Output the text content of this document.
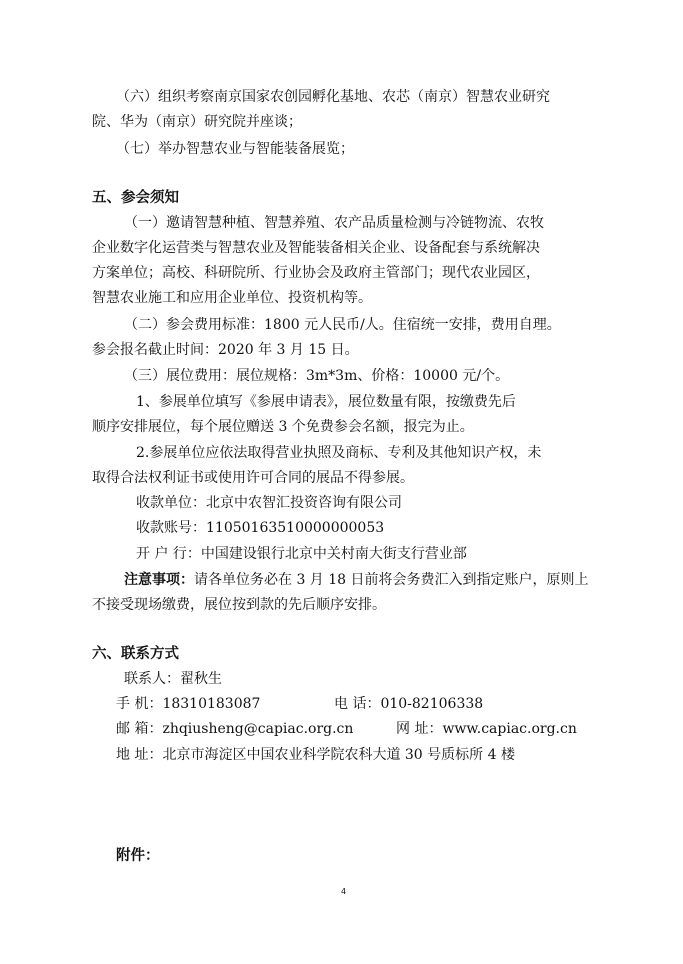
（六）组织考察南京国家农创园孵化基地、农芯（南京）智慧农业研究
院、华为（南京）研究院并座谈；
（七）举办智慧农业与智能装备展览；
五、参会须知
（一）邀请智慧种植、智慧养殖、农产品质量检测与冷链物流、农牧
企业数字化运营类与智慧农业及智能装备相关企业、设备配套与系统解决
方案单位；高校、科研院所、行业协会及政府主管部门；现代农业园区，
智慧农业施工和应用企业单位、投资机构等。
（二）参会费用标准：1800 元人民币/人。住宿统一安排，费用自理。
参会报名截止时间：2020 年 3 月 15 日。
（三）展位费用：展位规格：3m*3m、价格：10000 元/个。
1、参展单位填写《参展申请表》，展位数量有限，按缴费先后
顺序安排展位，每个展位赠送 3 个免费参会名额，报完为止。
2.参展单位应依法取得营业执照及商标、专利及其他知识产权，未
取得合法权利证书或使用许可合同的展品不得参展。
收款单位：北京中农智汇投资咨询有限公司
收款账号：11050163510000000053
开 户 行：中国建设银行北京中关村南大街支行营业部
注意事项：请各单位务必在 3 月 18 日前将会务费汇入到指定账户，原则上
不接受现场缴费，展位按到款的先后顺序安排。
六、联系方式
联系人：翟秋生
手 机：18310183087	电 话：010-82106338
邮 箱：zhqiusheng@capiac.org.cn	网 址：www.capiac.org.cn
地 址：北京市海淀区中国农业科学院农科大道 30 号质标所 4 楼
附件：
4
